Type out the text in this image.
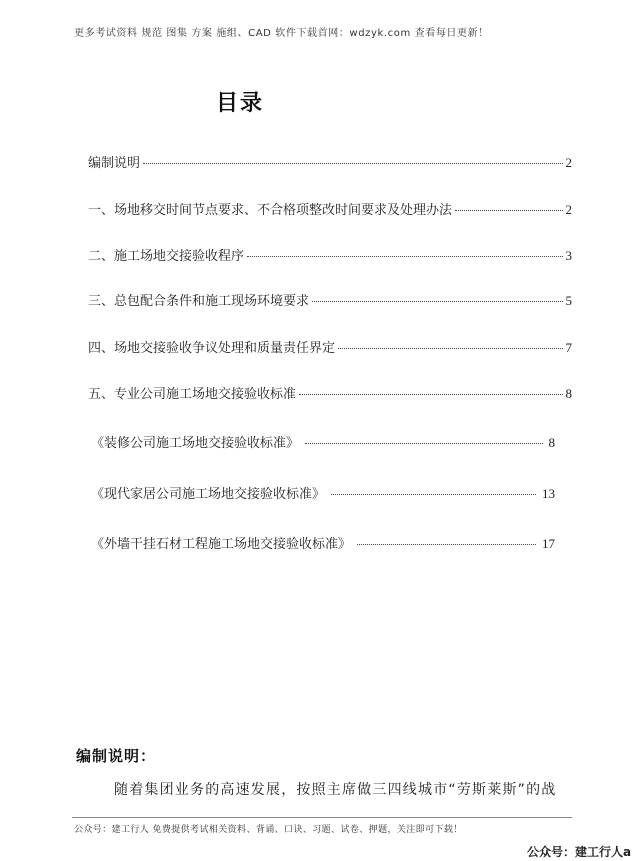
更多考试资料 规范 图集 方案 施组、CAD 软件下载首网：wdzyk.com 查看每日更新！
目录
编制说明	2
一、场地移交时间节点要求、不合格项整改时间要求及处理办法	2
二、施工场地交接验收程序	3
三、总包配合条件和施工现场环境要求	5
四、场地交接验收争议处理和质量责任界定	7
五、专业公司施工场地交接验收标准	8
《装修公司施工场地交接验收标准》	8
《现代家居公司施工场地交接验收标准》	13
《外墙干挂石材工程施工场地交接验收标准》	17
编制说明：
随着集团业务的高速发展，按照主席做三四线城市“劳斯莱斯”的战
公众号：建工行人 免费提供考试相关资料、背诵、口诀、习题、试卷、押题，关注即可下载！
公众号：建工行人a
